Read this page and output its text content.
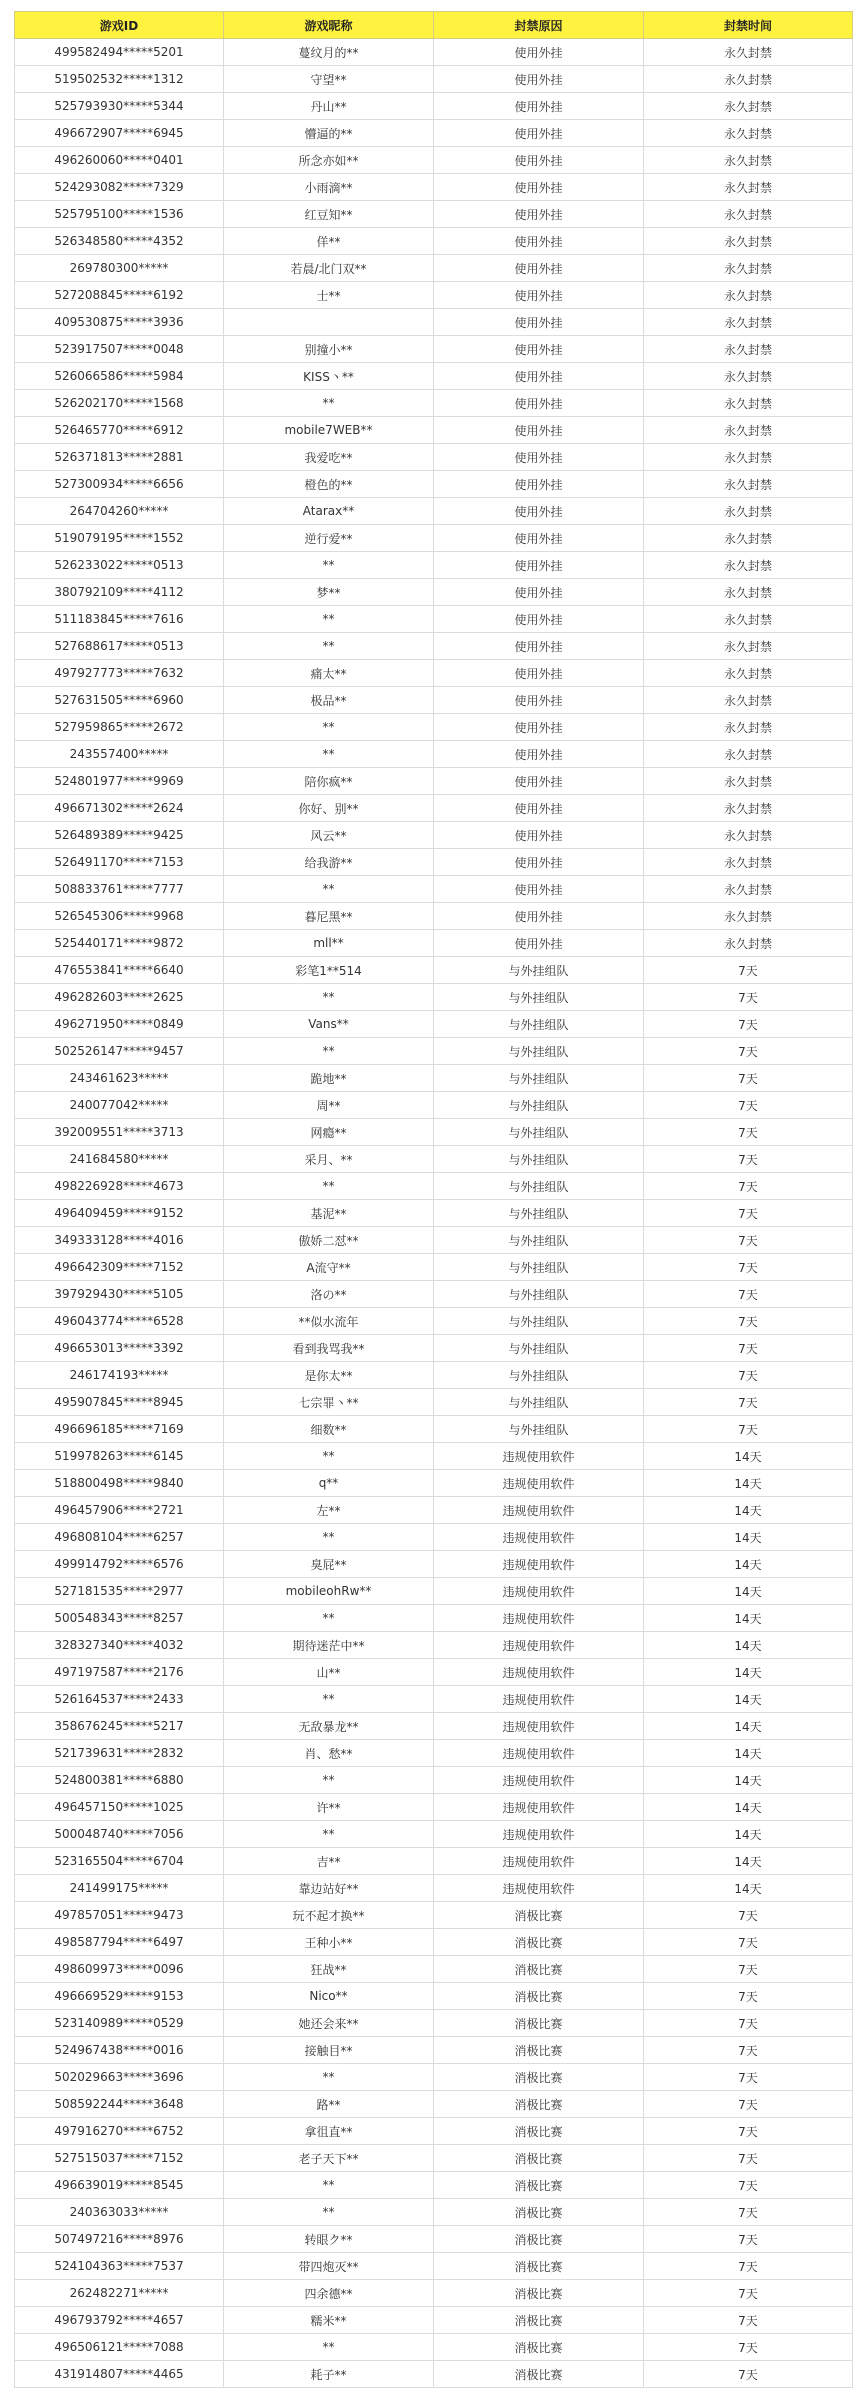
游戏ID	游戏昵称	封禁原因	封禁时间
499582494*****5201	蔓纹月的**	使用外挂	永久封禁
519502532*****1312	守望**	使用外挂	永久封禁
525793930*****5344	丹山**	使用外挂	永久封禁
496672907*****6945	懵逼的**	使用外挂	永久封禁
496260060*****0401	所念亦如**	使用外挂	永久封禁
524293082*****7329	小雨滴**	使用外挂	永久封禁
525795100*****1536	红豆知**	使用外挂	永久封禁
526348580*****4352	佯**	使用外挂	永久封禁
269780300*****	若晨/北门双**	使用外挂	永久封禁
527208845*****6192	士**	使用外挂	永久封禁
409530875*****3936		使用外挂	永久封禁
523917507*****0048	别撞小**	使用外挂	永久封禁
526066586*****5984	KISS丶**	使用外挂	永久封禁
526202170*****1568	**	使用外挂	永久封禁
526465770*****6912	mobile7WEB**	使用外挂	永久封禁
526371813*****2881	我爱吃**	使用外挂	永久封禁
527300934*****6656	橙色的**	使用外挂	永久封禁
264704260*****	Atarax**	使用外挂	永久封禁
519079195*****1552	逆行爱**	使用外挂	永久封禁
526233022*****0513	**	使用外挂	永久封禁
380792109*****4112	梦**	使用外挂	永久封禁
511183845*****7616	**	使用外挂	永久封禁
527688617*****0513	**	使用外挂	永久封禁
497927773*****7632	痛太**	使用外挂	永久封禁
527631505*****6960	极品**	使用外挂	永久封禁
527959865*****2672	**	使用外挂	永久封禁
243557400*****	**	使用外挂	永久封禁
524801977*****9969	陪你疯**	使用外挂	永久封禁
496671302*****2624	你好、别**	使用外挂	永久封禁
526489389*****9425	风云**	使用外挂	永久封禁
526491170*****7153	给我游**	使用外挂	永久封禁
508833761*****7777	**	使用外挂	永久封禁
526545306*****9968	暮尼黑**	使用外挂	永久封禁
525440171*****9872	mll**	使用外挂	永久封禁
476553841*****6640	彩笔1**514	与外挂组队	7天
496282603*****2625	**	与外挂组队	7天
496271950*****0849	Vans**	与外挂组队	7天
502526147*****9457	**	与外挂组队	7天
243461623*****	跪地**	与外挂组队	7天
240077042*****	周**	与外挂组队	7天
392009551*****3713	网瘾**	与外挂组队	7天
241684580*****	采月、**	与外挂组队	7天
498226928*****4673	**	与外挂组队	7天
496409459*****9152	基泥**	与外挂组队	7天
349333128*****4016	傲娇二怼**	与外挂组队	7天
496642309*****7152	A流守**	与外挂组队	7天
397929430*****5105	洛の**	与外挂组队	7天
496043774*****6528	**似水流年	与外挂组队	7天
496653013*****3392	看到我骂我**	与外挂组队	7天
246174193*****	是你太**	与外挂组队	7天
495907845*****8945	七宗罪丶**	与外挂组队	7天
496696185*****7169	细数**	与外挂组队	7天
519978263*****6145	**	违规使用软件	14天
518800498*****9840	q**	违规使用软件	14天
496457906*****2721	左**	违规使用软件	14天
496808104*****6257	**	违规使用软件	14天
499914792*****6576	臭屁**	违规使用软件	14天
527181535*****2977	mobileohRw**	违规使用软件	14天
500548343*****8257	**	违规使用软件	14天
328327340*****4032	期待迷茫中**	违规使用软件	14天
497197587*****2176	山**	违规使用软件	14天
526164537*****2433	**	违规使用软件	14天
358676245*****5217	无敌暴龙**	违规使用软件	14天
521739631*****2832	肖、愁**	违规使用软件	14天
524800381*****6880	**	违规使用软件	14天
496457150*****1025	许**	违规使用软件	14天
500048740*****7056	**	违规使用软件	14天
523165504*****6704	吉**	违规使用软件	14天
241499175*****	靠边站好**	违规使用软件	14天
497857051*****9473	玩不起才换**	消极比赛	7天
498587794*****6497	王种小**	消极比赛	7天
498609973*****0096	狂战**	消极比赛	7天
496669529*****9153	Nico**	消极比赛	7天
523140989*****0529	她还会来**	消极比赛	7天
524967438*****0016	接触目**	消极比赛	7天
502029663*****3696	**	消极比赛	7天
508592244*****3648	路**	消极比赛	7天
497916270*****6752	拿徂直**	消极比赛	7天
527515037*****7152	老子天下**	消极比赛	7天
496639019*****8545	**	消极比赛	7天
240363033*****	**	消极比赛	7天
507497216*****8976	转眼ク**	消极比赛	7天
524104363*****7537	带四炮灭**	消极比赛	7天
262482271*****	四余德**	消极比赛	7天
496793792*****4657	糯米**	消极比赛	7天
496506121*****7088	**	消极比赛	7天
431914807*****4465	耗子**	消极比赛	7天
